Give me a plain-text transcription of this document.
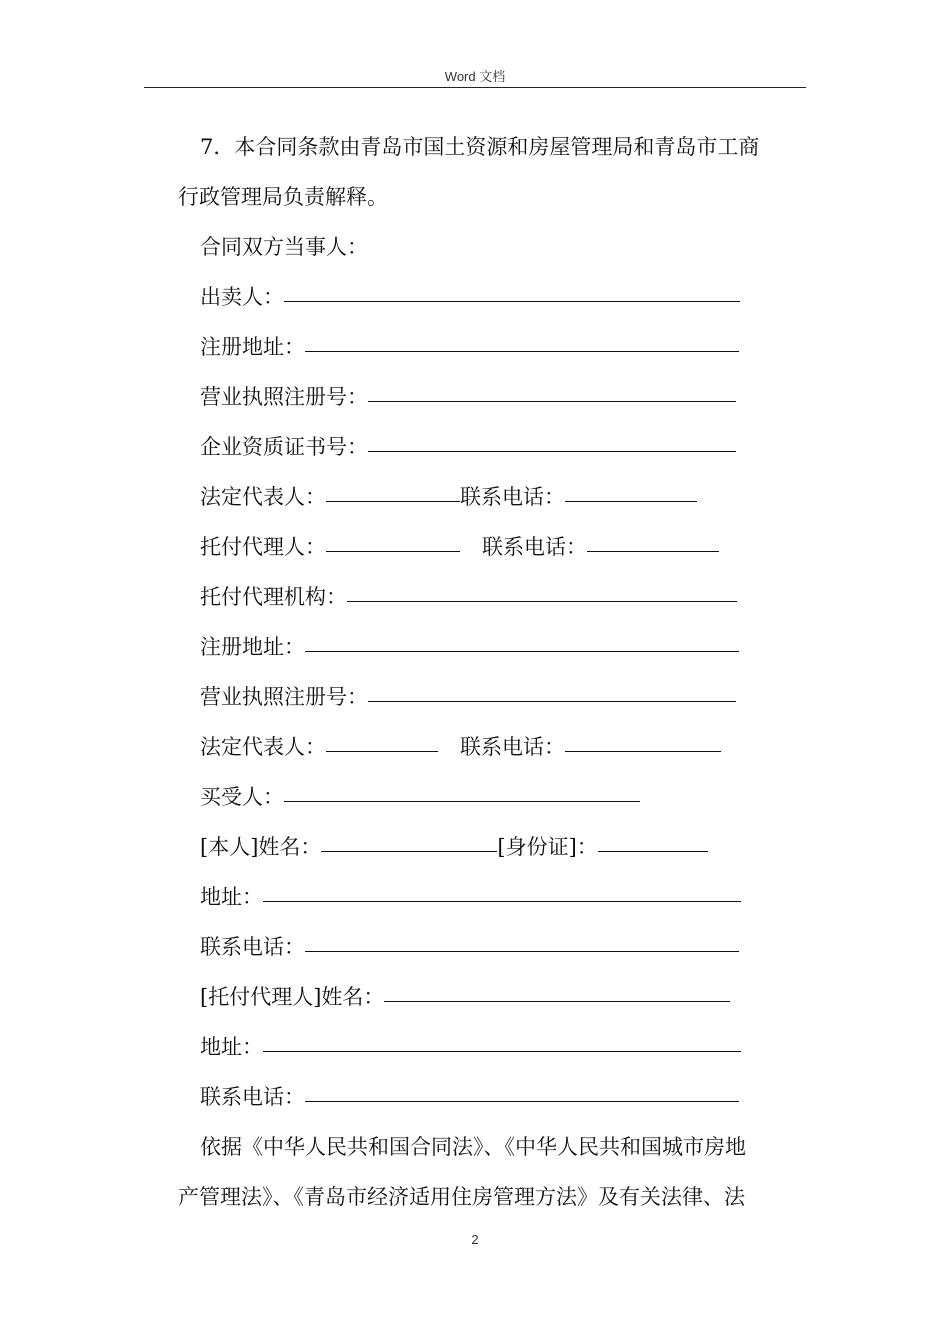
Word 文档

7．本合同条款由青岛市国土资源和房屋管理局和青岛市工商

行政管理局负责解释。

合同双方当事人：
出卖人：
注册地址：
营业执照注册号：
企业资质证书号：
法定代表人：	联系电话：
托付代理人：	联系电话：
托付代理机构：
注册地址：
营业执照注册号：
法定代表人：	联系电话：
买受人：
[本人]姓名：	[身份证]：
地址：
联系电话：
[托付代理人]姓名：
地址：
联系电话：

依据《中华人民共和国合同法》、《中华人民共和国城市房地

产管理法》、《青岛市经济适用住房管理方法》及有关法律、法

2
